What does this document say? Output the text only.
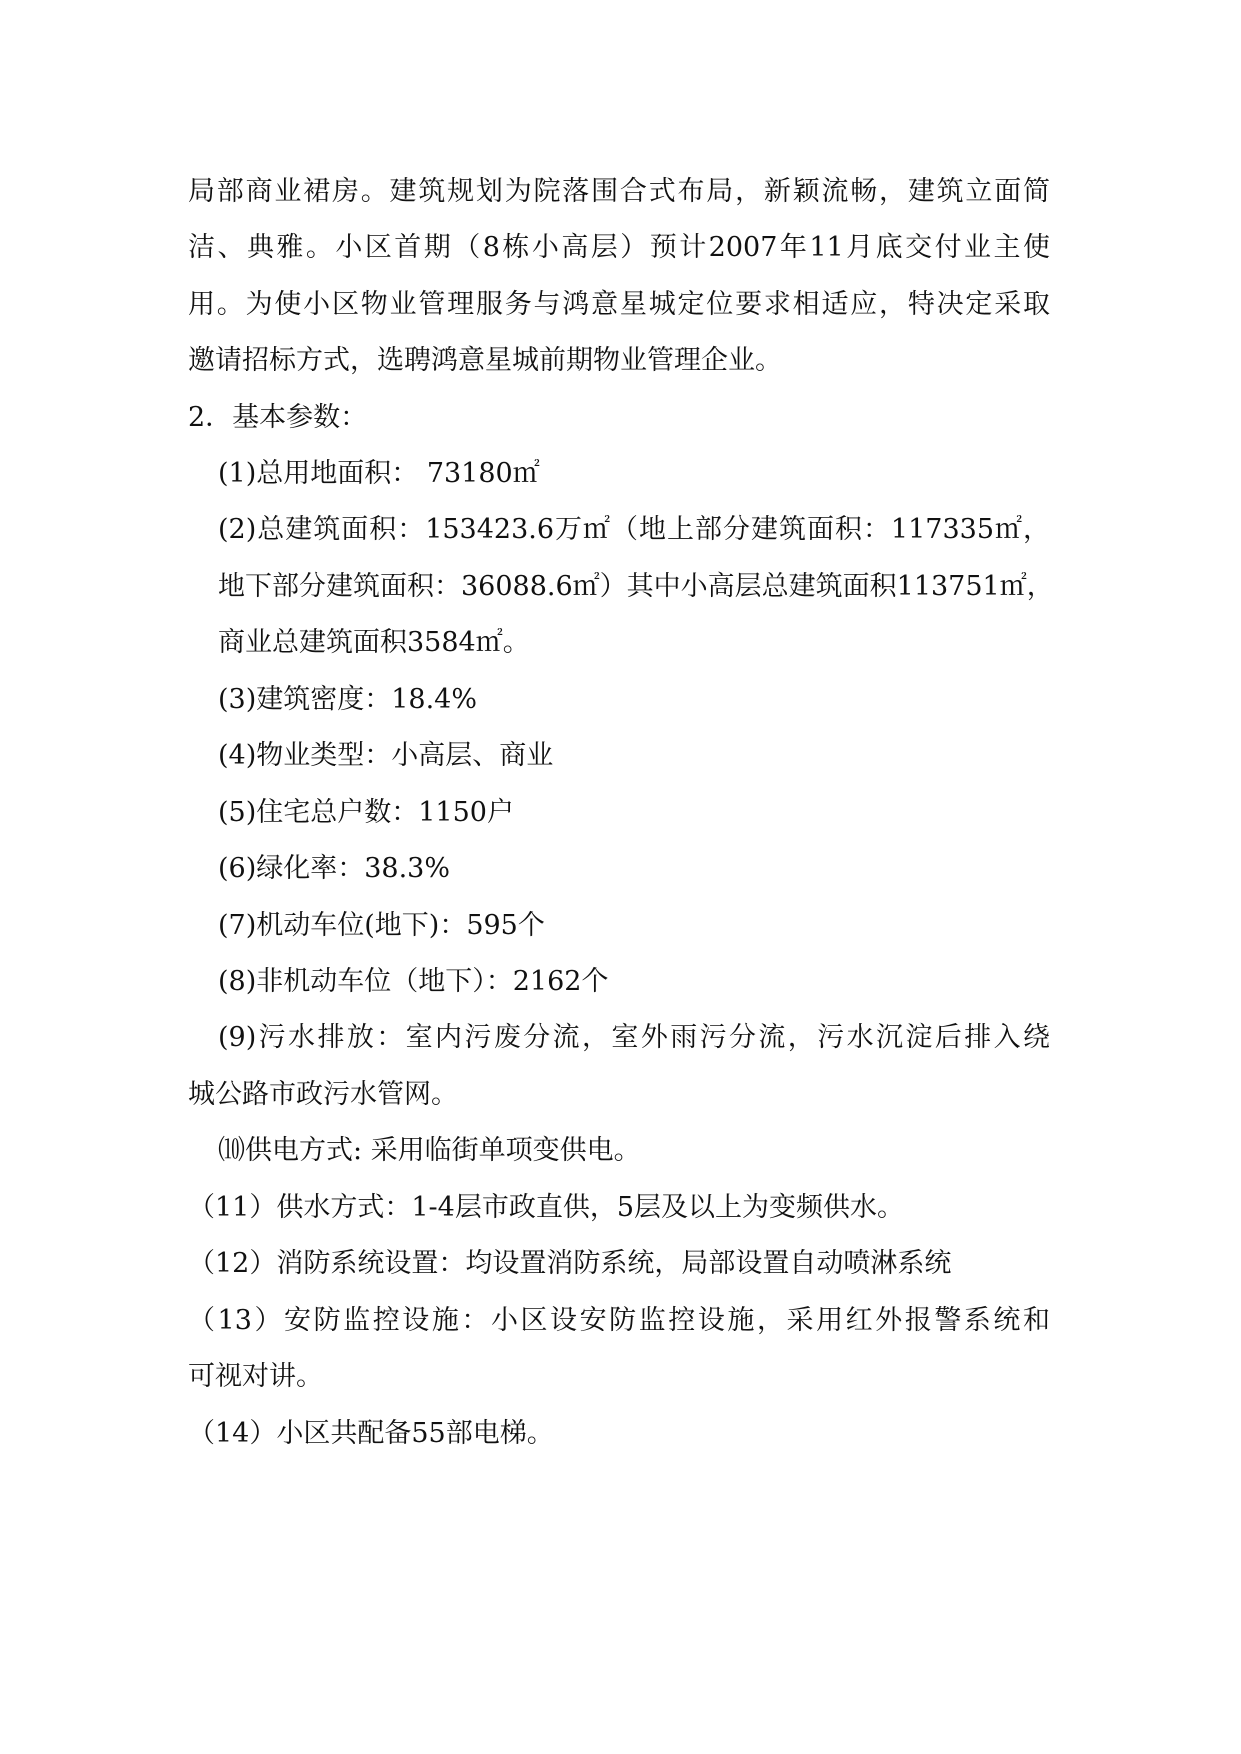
局部商业裙房。建筑规划为院落围合式布局，新颖流畅，建筑立面简
洁、典雅。小区首期（8栋小高层）预计2007年11月底交付业主使
用。为使小区物业管理服务与鸿意星城定位要求相适应，特决定采取
邀请招标方式，选聘鸿意星城前期物业管理企业。
2．基本参数：
(1)总用地面积： 73180㎡
(2)总建筑面积：153423.6万㎡（地上部分建筑面积：117335㎡，
地下部分建筑面积：36088.6㎡）其中小高层总建筑面积113751㎡，
商业总建筑面积3584㎡。
(3)建筑密度：18.4%
(4)物业类型：小高层、商业
(5)住宅总户数：1150户
(6)绿化率：38.3%
(7)机动车位(地下)：595个
(8)非机动车位（地下）：2162个
(9)污水排放：室内污废分流，室外雨污分流，污水沉淀后排入绕
城公路市政污水管网。
⑽供电方式: 采用临街单项变供电。
（11）供水方式：1-4层市政直供，5层及以上为变频供水。
（12）消防系统设置：均设置消防系统，局部设置自动喷淋系统
（13）安防监控设施：小区设安防监控设施，采用红外报警系统和
可视对讲。
（14）小区共配备55部电梯。
